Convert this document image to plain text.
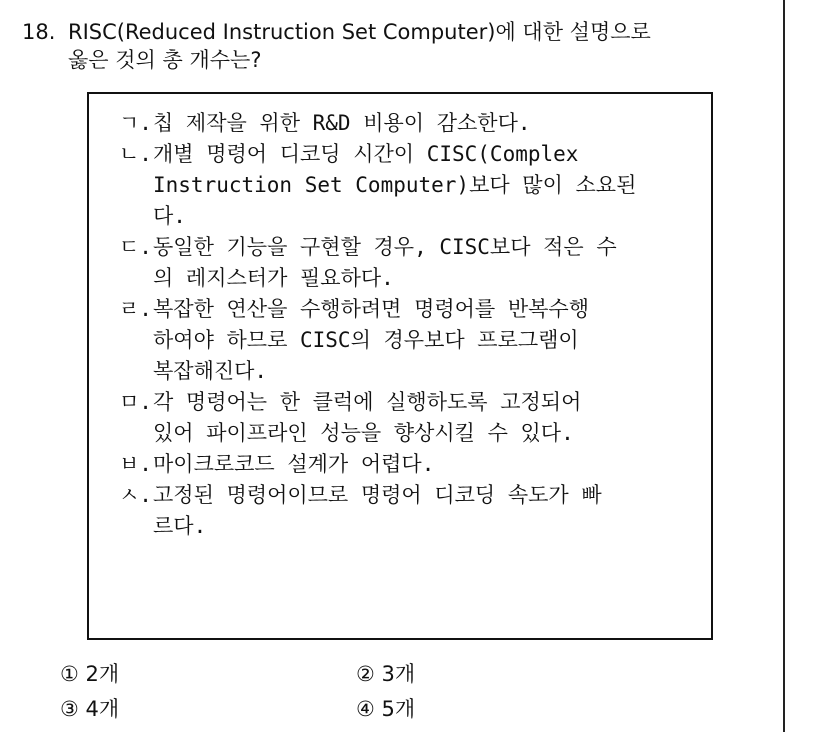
18. RISC(Reduced Instruction Set Computer)에 대한 설명으로
옳은 것의 총 개수는?
ㄱ. 칩 제작을 위한 R&D 비용이 감소한다.
ㄴ. 개별 명령어 디코딩 시간이 CISC(Complex
Instruction Set Computer)보다 많이 소요된
다.
ㄷ. 동일한 기능을 구현할 경우, CISC보다 적은 수
의 레지스터가 필요하다.
ㄹ. 복잡한 연산을 수행하려면 명령어를 반복수행
하여야 하므로 CISC의 경우보다 프로그램이
복잡해진다.
ㅁ. 각 명령어는 한 클럭에 실행하도록 고정되어
있어 파이프라인 성능을 향상시킬 수 있다.
ㅂ. 마이크로코드 설계가 어렵다.
ㅅ. 고정된 명령어이므로 명령어 디코딩 속도가 빠
르다.
① 2개	② 3개
③ 4개	④ 5개
